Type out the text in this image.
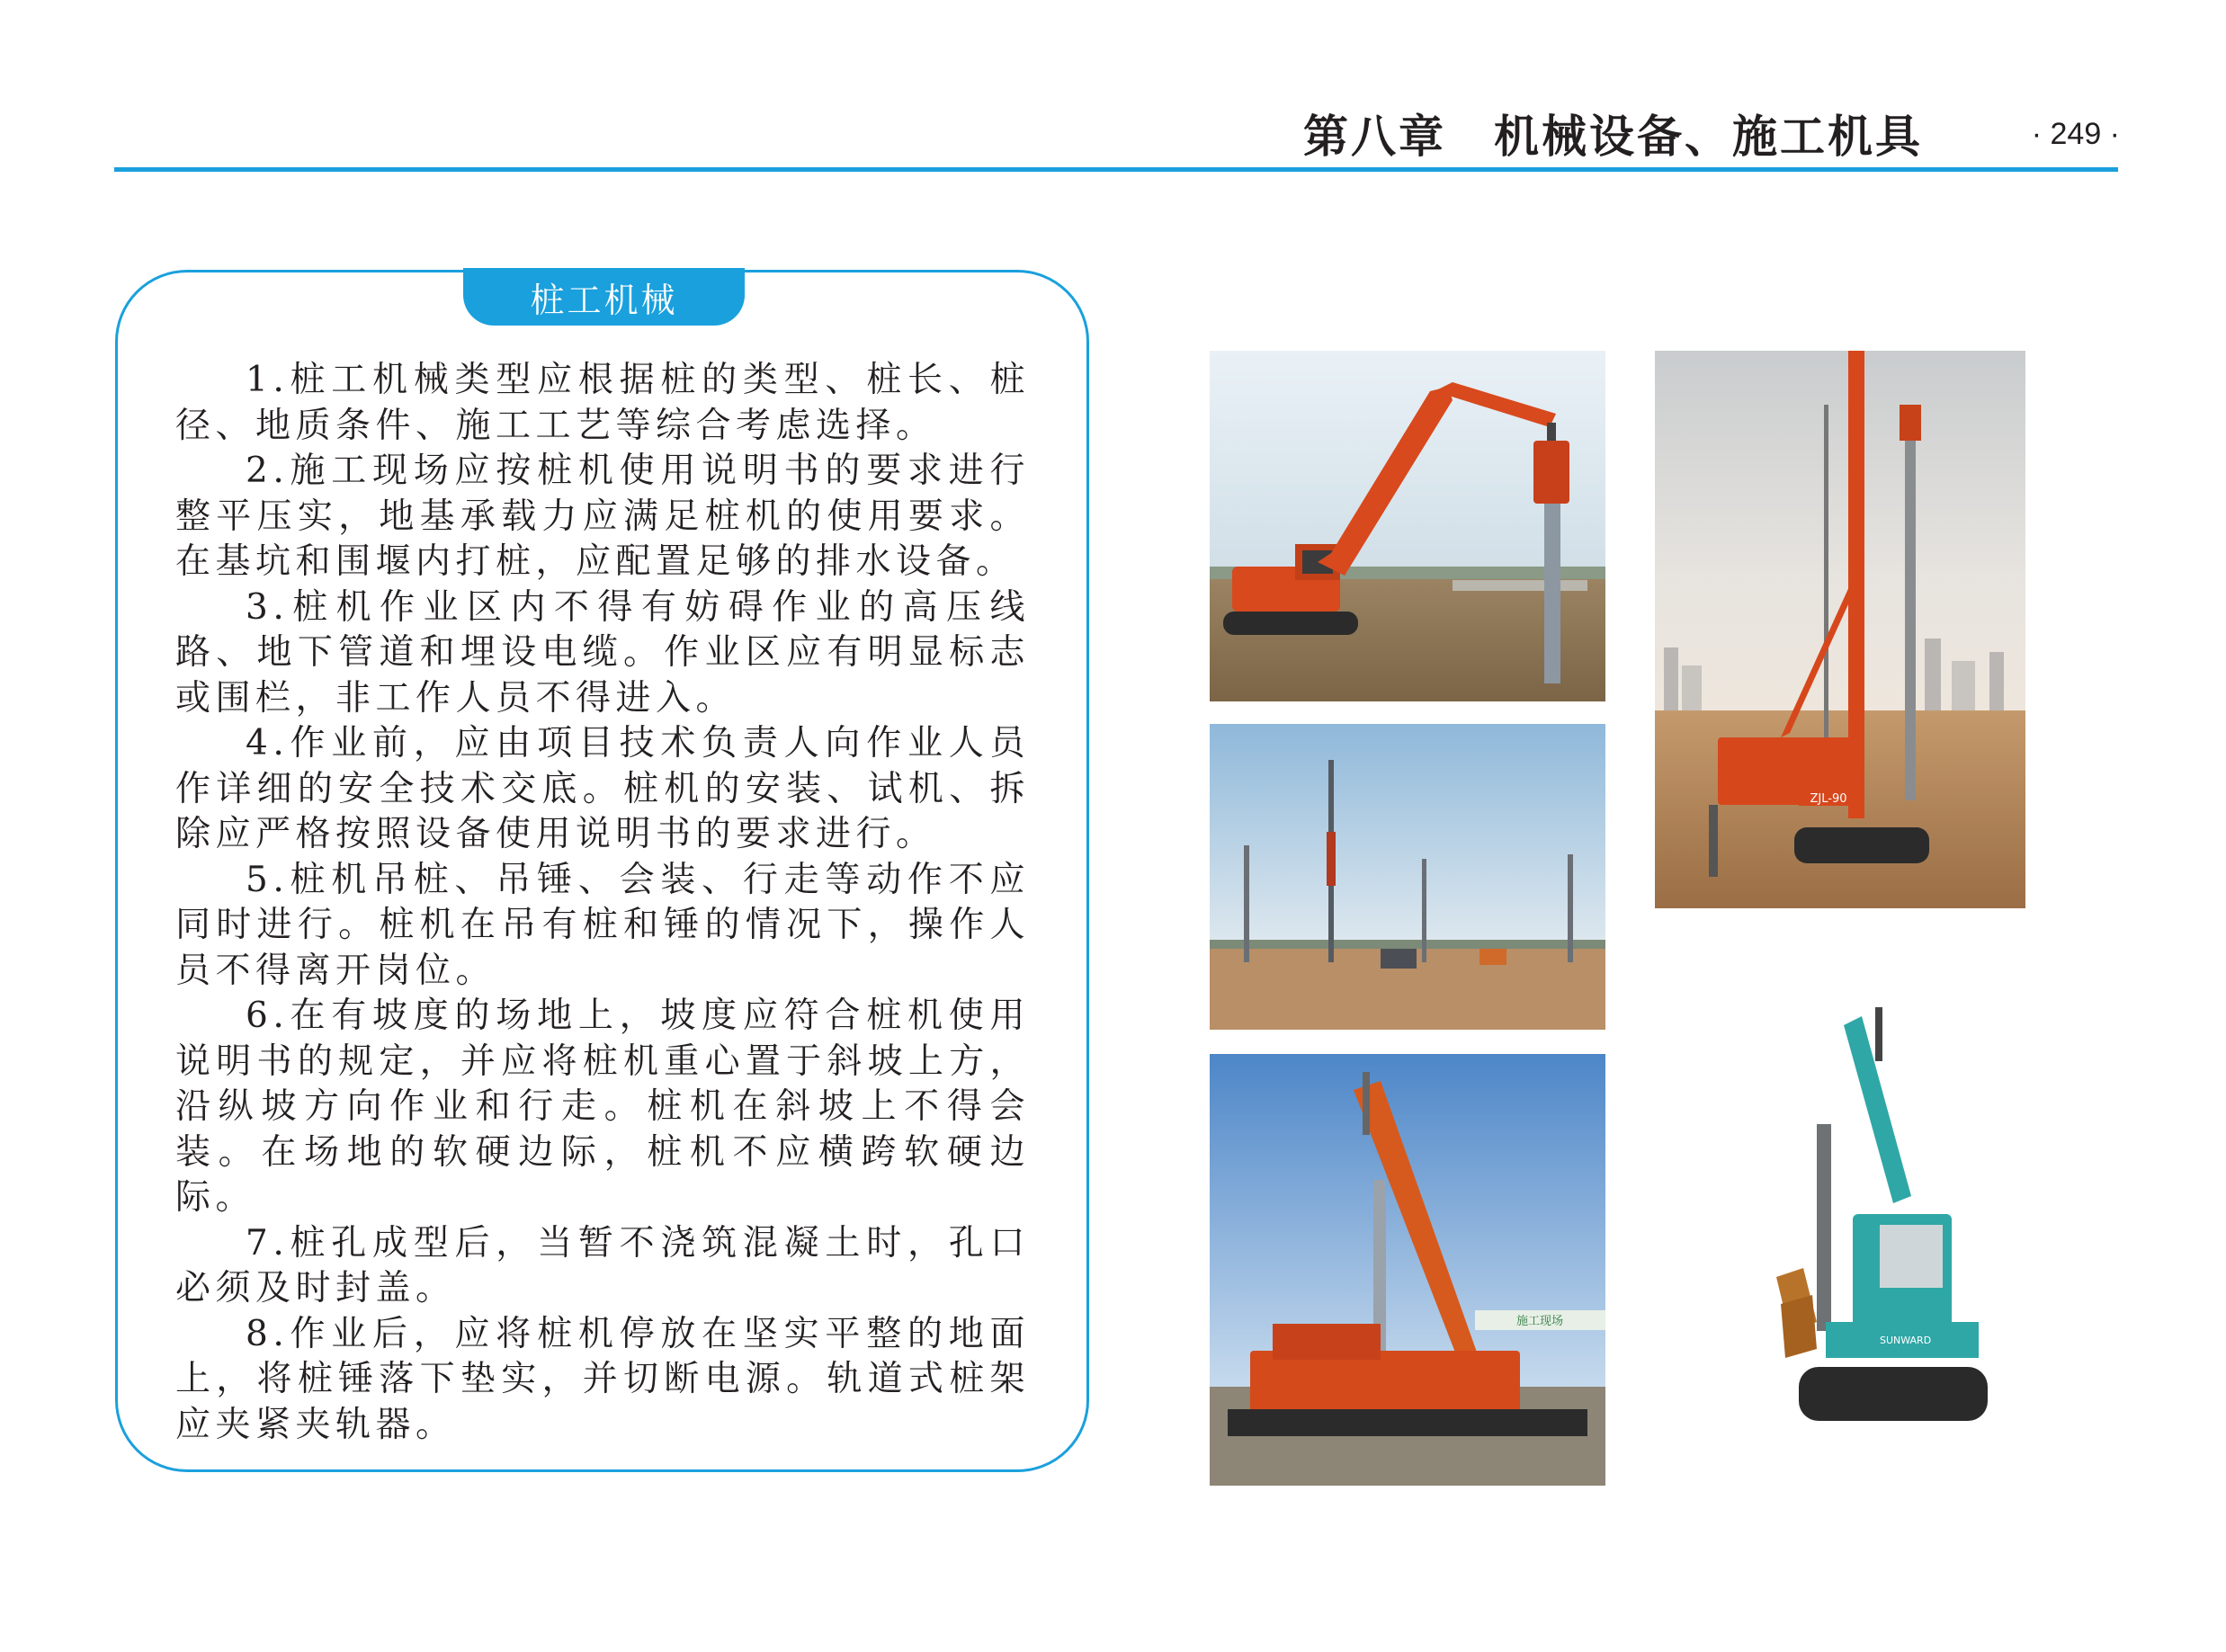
第八章　机械设备、施工机具	· 249 ·
桩工机械

1.桩工机械类型应根据桩的类型、桩长、桩径、地质条件、施工工艺等综合考虑选择。

2.施工现场应按桩机使用说明书的要求进行整平压实，地基承载力应满足桩机的使用要求。在基坑和围堰内打桩，应配置足够的排水设备。

3.桩机作业区内不得有妨碍作业的高压线路、地下管道和埋设电缆。作业区应有明显标志或围栏，非工作人员不得进入。

4.作业前，应由项目技术负责人向作业人员作详细的安全技术交底。桩机的安装、试机、拆除应严格按照设备使用说明书的要求进行。

5.桩机吊桩、吊锤、会装、行走等动作不应同时进行。桩机在吊有桩和锤的情况下，操作人员不得离开岗位。

6.在有坡度的场地上，坡度应符合桩机使用说明书的规定，并应将桩机重心置于斜坡上方，沿纵坡方向作业和行走。桩机在斜坡上不得会装。在场地的软硬边际，桩机不应横跨软硬边际。

7.桩孔成型后，当暂不浇筑混凝土时，孔口必须及时封盖。

8.作业后，应将桩机停放在坚实平整的地面上，将桩锤落下垫实，并切断电源。轨道式桩架应夹紧夹轨器。

施工现场
ZJL-90
SUNWARD
